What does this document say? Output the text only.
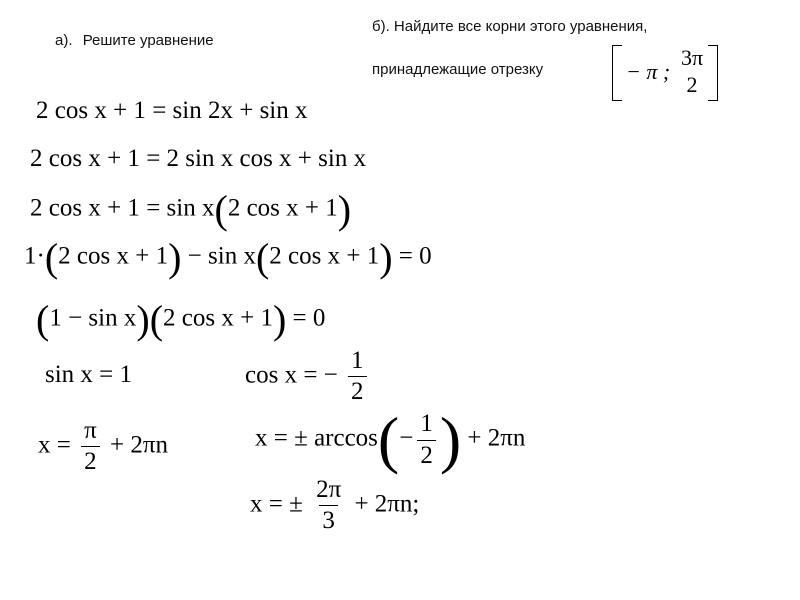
а). Решите уравнение
б). Найдите все корни этого уравнения,
принадлежащие отрезку	− π ;
3π
2
2 cos x + 1 = sin 2x + sin x
2 cos x + 1 = 2 sin x cos x + sin x
2 cos x + 1 = sin x(2 cos x + 1)
1·(2 cos x + 1) − sin x(2 cos x + 1) = 0
(1 − sin x)(2 cos x + 1) = 0
sin x = 1
$x = \frac{\pi}{2} + 2\pi n$
cos x = − $\frac{1}{2}$
x = ± $\arccos(- \frac{1}{2}$ ) + 2πn
x = ± $\frac{2\pi}{3} + 2\pi n$;
